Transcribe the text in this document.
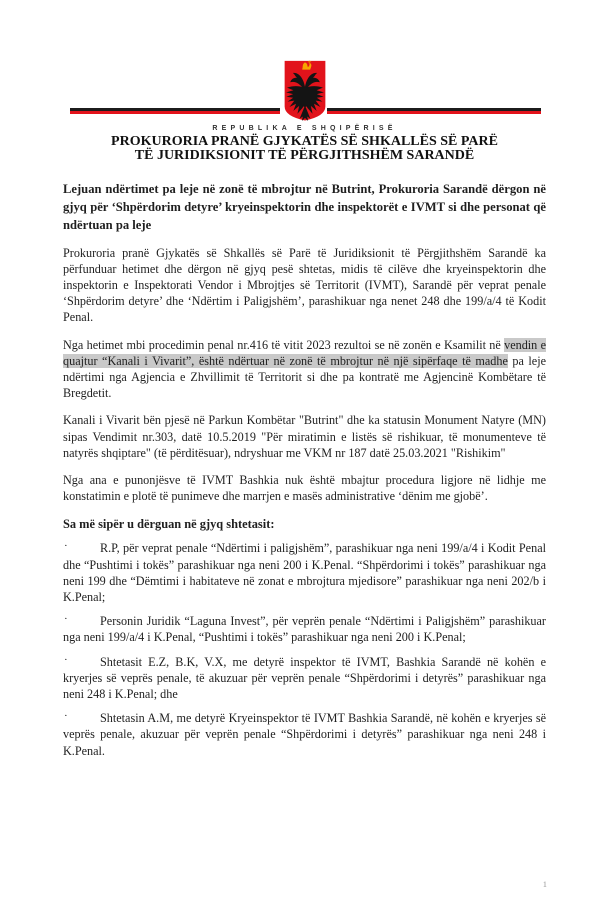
REPUBLIKA E SHQIPËRISË
PROKURORIA PRANË GJYKATËS SË SHKALLËS SË PARË
TË JURIDIKSIONIT TË PËRGJITHSHËM SARANDË

Lejuan ndërtimet pa leje në zonë të mbrojtur në Butrint, Prokuroria Sarandë dërgon në gjyq për ‘Shpërdorim detyre’ kryeinspektorin dhe inspektorët e IVMT si dhe personat që ndërtuan pa leje

Prokuroria pranë Gjykatës së Shkallës së Parë të Juridiksionit të Përgjithshëm Sarandë ka përfunduar hetimet dhe dërgon në gjyq pesë shtetas, midis të cilëve dhe kryeinspektorin dhe inspektorin e Inspektorati Vendor i Mbrojtjes së Territorit (IVMT), Sarandë për veprat penale ‘Shpërdorim detyre’ dhe ‘Ndërtim i Paligjshëm’, parashikuar nga nenet 248 dhe 199/a/4 të Kodit Penal.

Nga hetimet mbi procedimin penal nr.416 të vitit 2023 rezultoi se në zonën e Ksamilit në vendin e quajtur “Kanali i Vivarit”, është ndërtuar në zonë të mbrojtur në një sipërfaqe të madhe pa leje ndërtimi nga Agjencia e Zhvillimit të Territorit si dhe pa kontratë me Agjencinë Kombëtare të Bregdetit.

Kanali i Vivarit bën pjesë në Parkun Kombëtar "Butrint" dhe ka statusin Monument Natyre (MN) sipas Vendimit nr.303, datë 10.5.2019 "Për miratimin e listës së rishikuar, të monumenteve të natyrës shqiptare" (të përditësuar), ndryshuar me VKM nr 187 datë 25.03.2021 "Rishikim"

Nga ana e punonjësve të IVMT Bashkia nuk është mbajtur procedura ligjore në lidhje me konstatimin e plotë të punimeve dhe marrjen e masës administrative ‘dënim me gjobë’.

Sa më sipër u dërguan në gjyq shtetasit:

·	R.P, për veprat penale “Ndërtimi i paligjshëm”, parashikuar nga neni 199/a/4 i Kodit Penal dhe “Pushtimi i tokës” parashikuar nga neni 200 i K.Penal. “Shpërdorimi i tokës” parashikuar nga neni 199 dhe “Dëmtimi i habitateve në zonat e mbrojtura mjedisore” parashikuar nga neni 202/b i K.Penal;

·	Personin Juridik “Laguna Invest”, për veprën penale “Ndërtimi i Paligjshëm” parashikuar nga neni 199/a/4 i K.Penal, “Pushtimi i tokës” parashikuar nga neni 200 i K.Penal;

·	Shtetasit E.Z, B.K, V.X, me detyrë inspektor të IVMT, Bashkia Sarandë në kohën e kryerjes së veprës penale, të akuzuar për veprën penale “Shpërdorimi i detyrës” parashikuar nga neni 248 i K.Penal; dhe

·	Shtetasin A.M, me detyrë Kryeinspektor të IVMT Bashkia Sarandë, në kohën e kryerjes së veprës penale, akuzuar për veprën penale “Shpërdorimi i detyrës” parashikuar nga neni 248 i K.Penal.

1
